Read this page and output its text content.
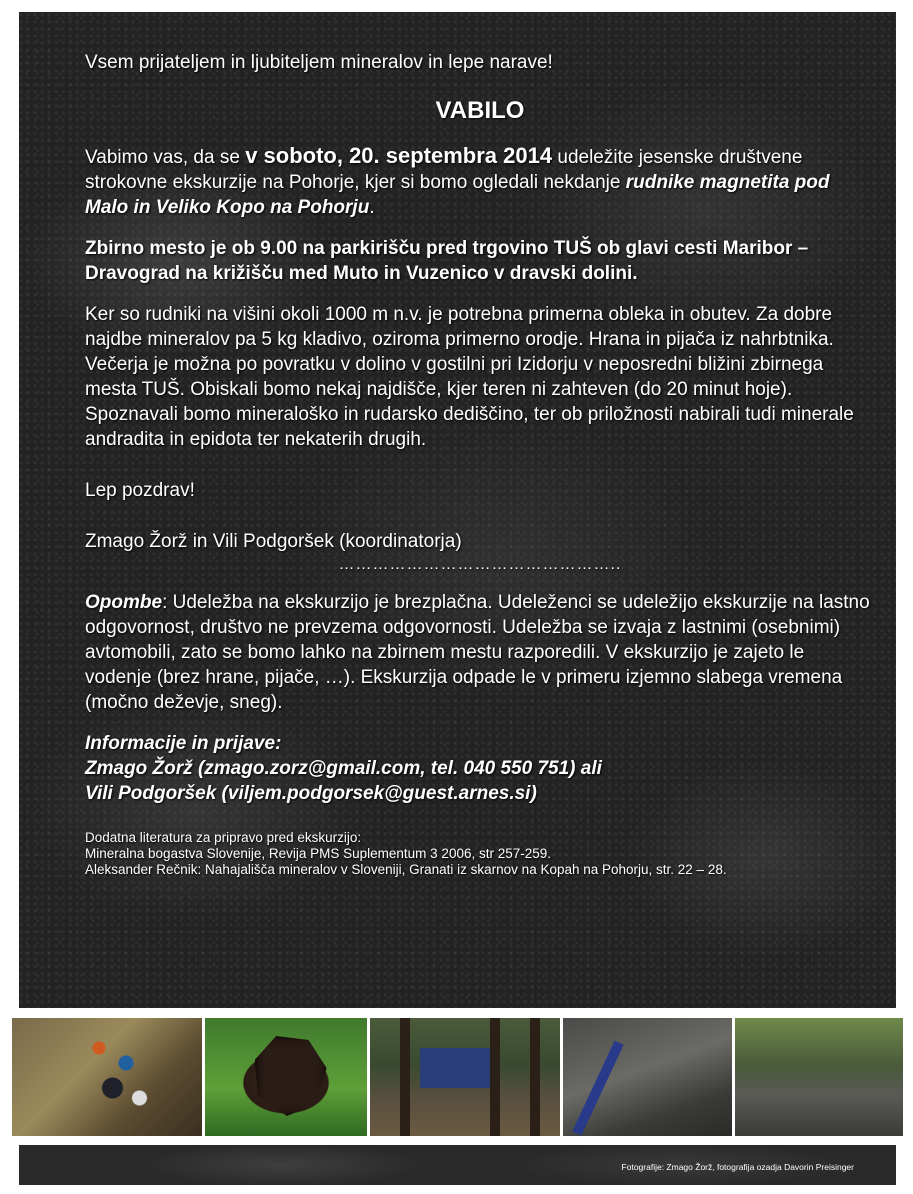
Vsem prijateljem in ljubiteljem mineralov in lepe narave!

VABILO

Vabimo vas, da se v soboto, 20. septembra 2014 udeležite jesenske društvene strokovne ekskurzije na Pohorje, kjer si bomo ogledali nekdanje rudnike magnetita pod Malo in Veliko Kopo na Pohorju.

Zbirno mesto je ob 9.00 na parkirišču pred trgovino TUŠ ob glavi cesti Maribor – Dravograd na križišču med Muto in Vuzenico v dravski dolini.

Ker so rudniki na višini okoli 1000 m n.v. je potrebna primerna obleka in obutev. Za dobre najdbe mineralov pa 5 kg kladivo, oziroma primerno orodje. Hrana in pijača iz nahrbtnika. Večerja je možna po povratku v dolino v gostilni pri Izidorju v neposredni bližini zbirnega mesta TUŠ. Obiskali bomo nekaj najdišče, kjer teren ni zahteven (do 20 minut hoje). Spoznavali bomo mineraloško in rudarsko dediščino, ter ob priložnosti nabirali tudi minerale andradita in epidota ter nekaterih drugih.

Lep pozdrav!

Zmago Žorž in Vili Podgoršek (koordinatorja)

…………………………………………..

Opombe: Udeležba na ekskurzijo je brezplačna. Udeleženci se udeležijo ekskurzije na lastno odgovornost, društvo ne prevzema odgovornosti. Udeležba se izvaja z lastnimi (osebnimi) avtomobili, zato se bomo lahko na zbirnem mestu razporedili. V ekskurzijo je zajeto le vodenje (brez hrane, pijače, …). Ekskurzija odpade le v primeru izjemno slabega vremena (močno deževje, sneg).

Informacije in prijave:

Zmago Žorž (zmago.zorz@gmail.com, tel. 040 550 751) ali

Vili Podgoršek (viljem.podgorsek@guest.arnes.si)

Dodatna literatura za pripravo pred ekskurzijo:

Mineralna bogastva Slovenije, Revija PMS Suplementum 3 2006, str 257-259.

Aleksander Rečnik: Nahajališča mineralov v Sloveniji, Granati iz skarnov na Kopah na Pohorju, str. 22 – 28.

Fotografije: Zmago Žorž, fotografija ozadja Davorin Preisinger
